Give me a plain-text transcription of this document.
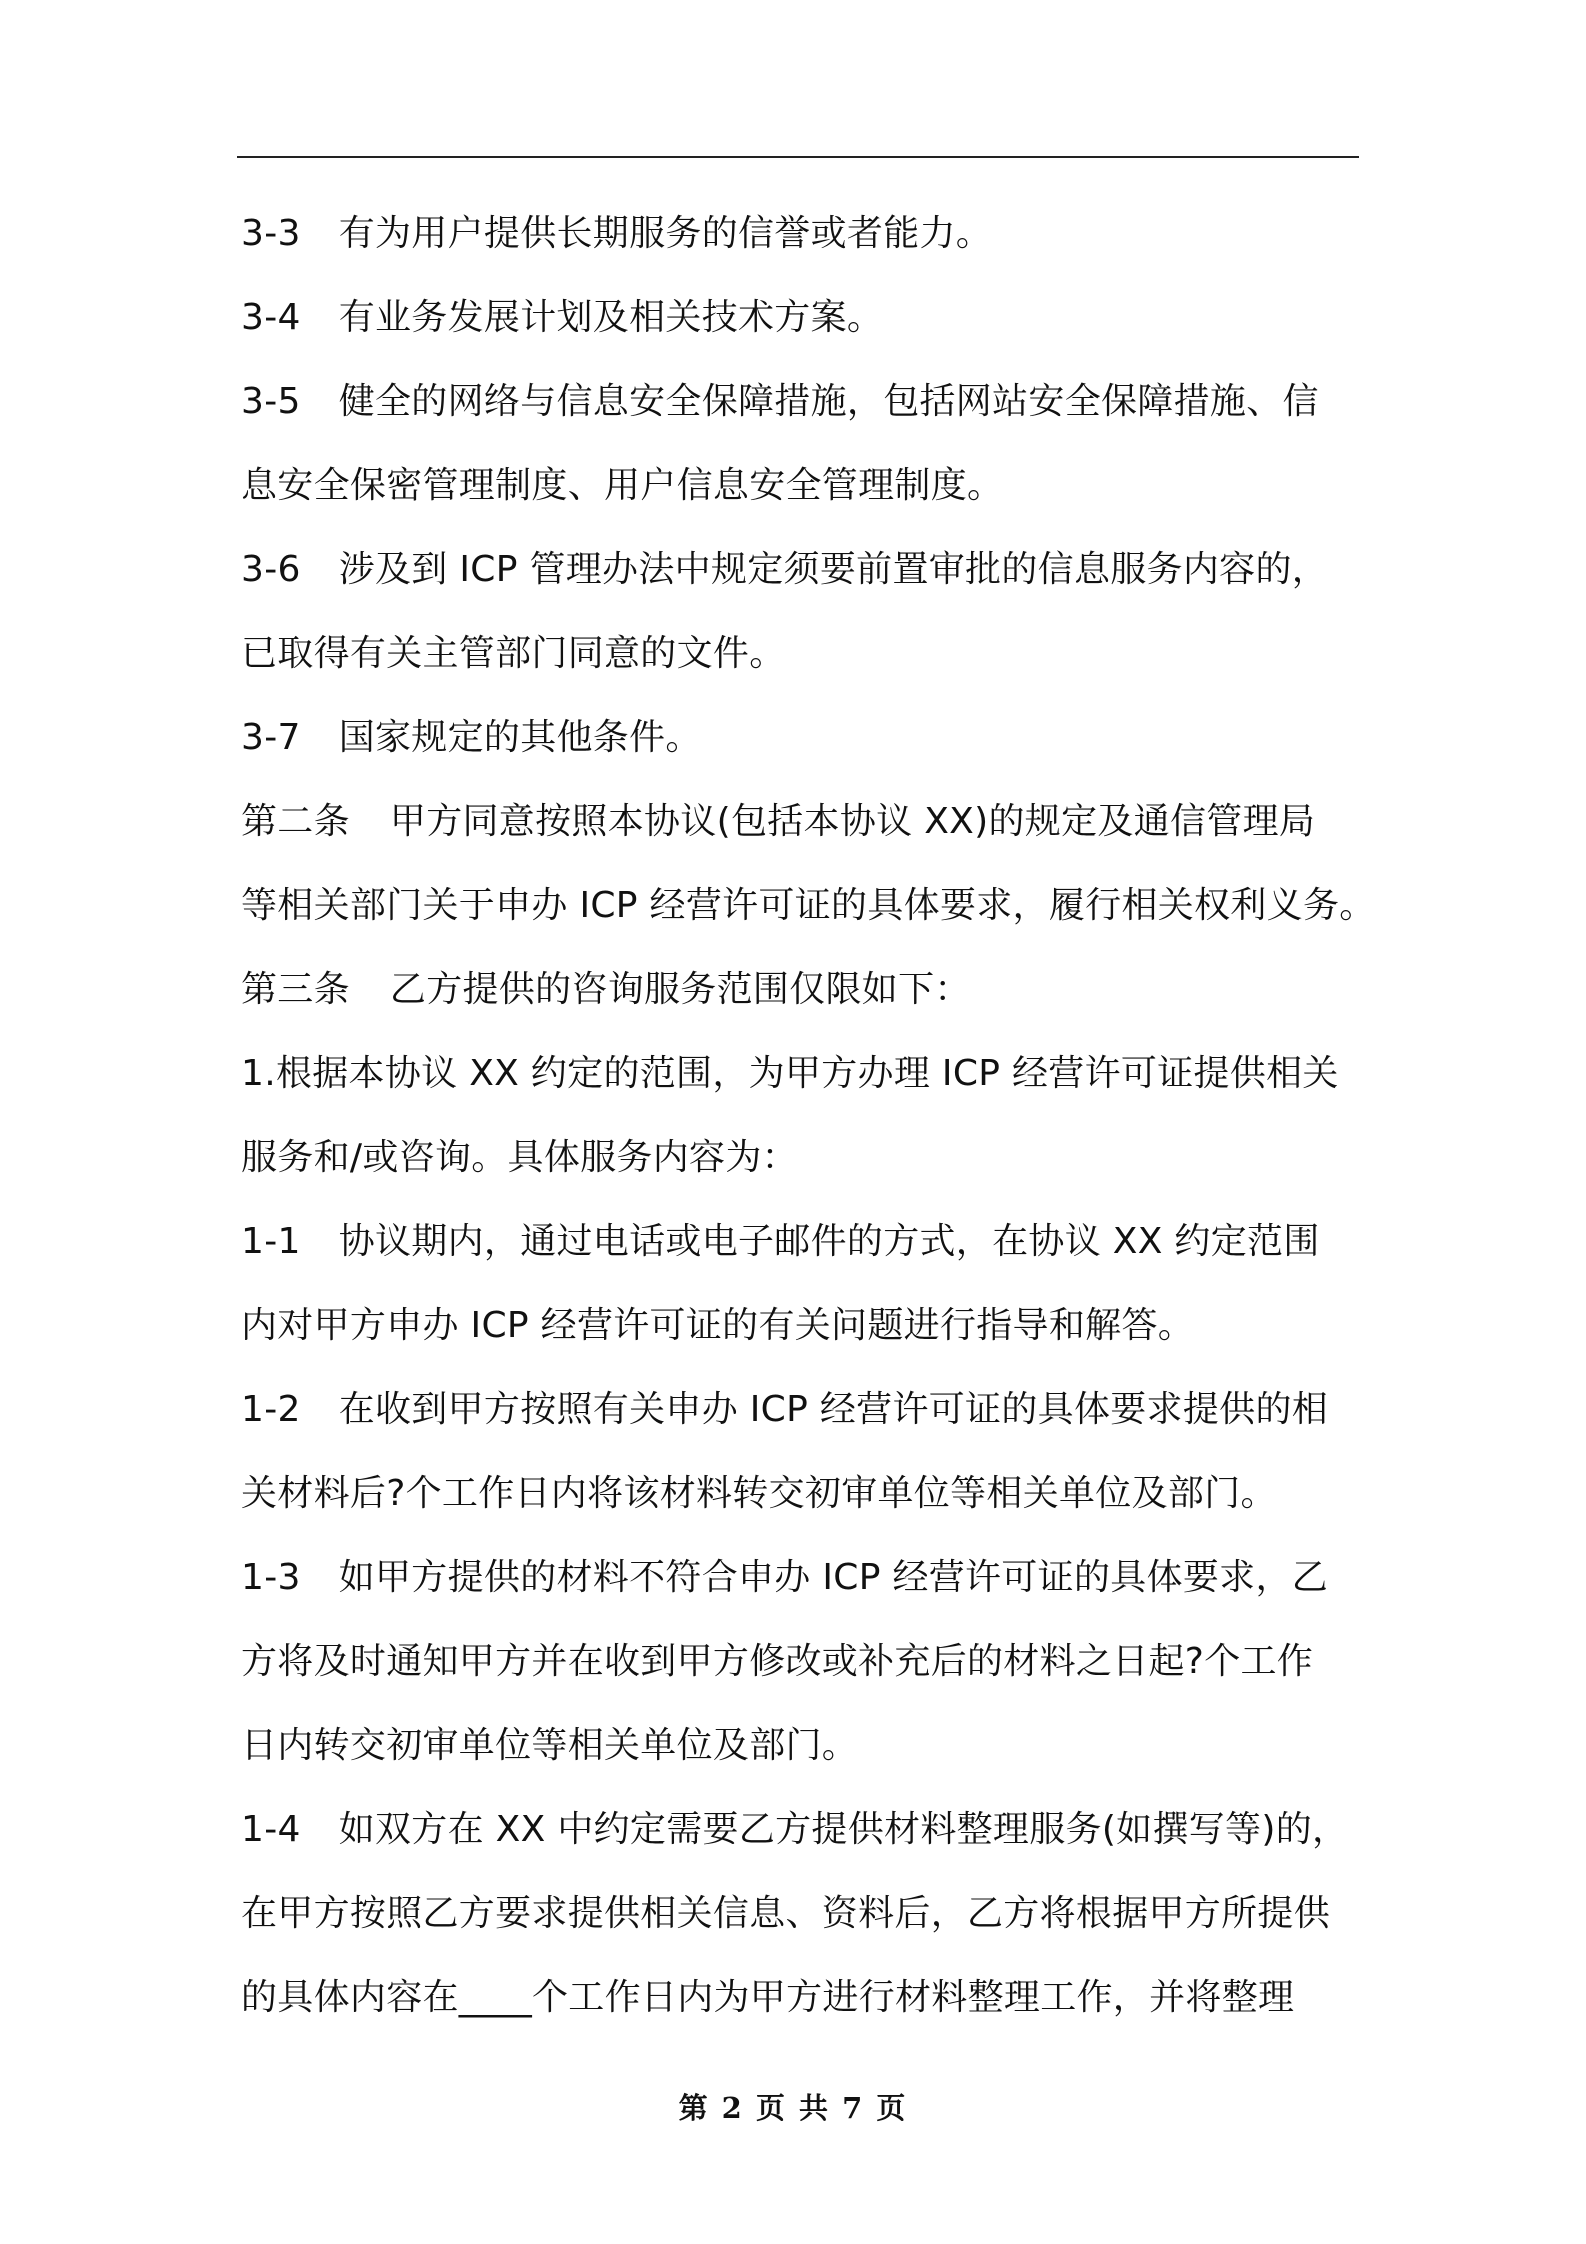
3-3 有为用户提供长期服务的信誉或者能力。
3-4 有业务发展计划及相关技术方案。
3-5 健全的网络与信息安全保障措施，包括网站安全保障措施、信
息安全保密管理制度、用户信息安全管理制度。
3-6 涉及到 ICP 管理办法中规定须要前置审批的信息服务内容的，
已取得有关主管部门同意的文件。
3-7 国家规定的其他条件。
第二条 甲方同意按照本协议(包括本协议 XX)的规定及通信管理局
等相关部门关于申办 ICP 经营许可证的具体要求，履行相关权利义务。
第三条 乙方提供的咨询服务范围仅限如下：
1.根据本协议 XX 约定的范围，为甲方办理 ICP 经营许可证提供相关
服务和/或咨询。具体服务内容为：
1-1 协议期内，通过电话或电子邮件的方式，在协议 XX 约定范围
内对甲方申办 ICP 经营许可证的有关问题进行指导和解答。
1-2 在收到甲方按照有关申办 ICP 经营许可证的具体要求提供的相
关材料后?个工作日内将该材料转交初审单位等相关单位及部门。
1-3 如甲方提供的材料不符合申办 ICP 经营许可证的具体要求，乙
方将及时通知甲方并在收到甲方修改或补充后的材料之日起?个工作
日内转交初审单位等相关单位及部门。
1-4 如双方在 XX 中约定需要乙方提供材料整理服务(如撰写等)的，
在甲方按照乙方要求提供相关信息、资料后，乙方将根据甲方所提供
的具体内容在____个工作日内为甲方进行材料整理工作，并将整理
第 2 页 共 7 页
